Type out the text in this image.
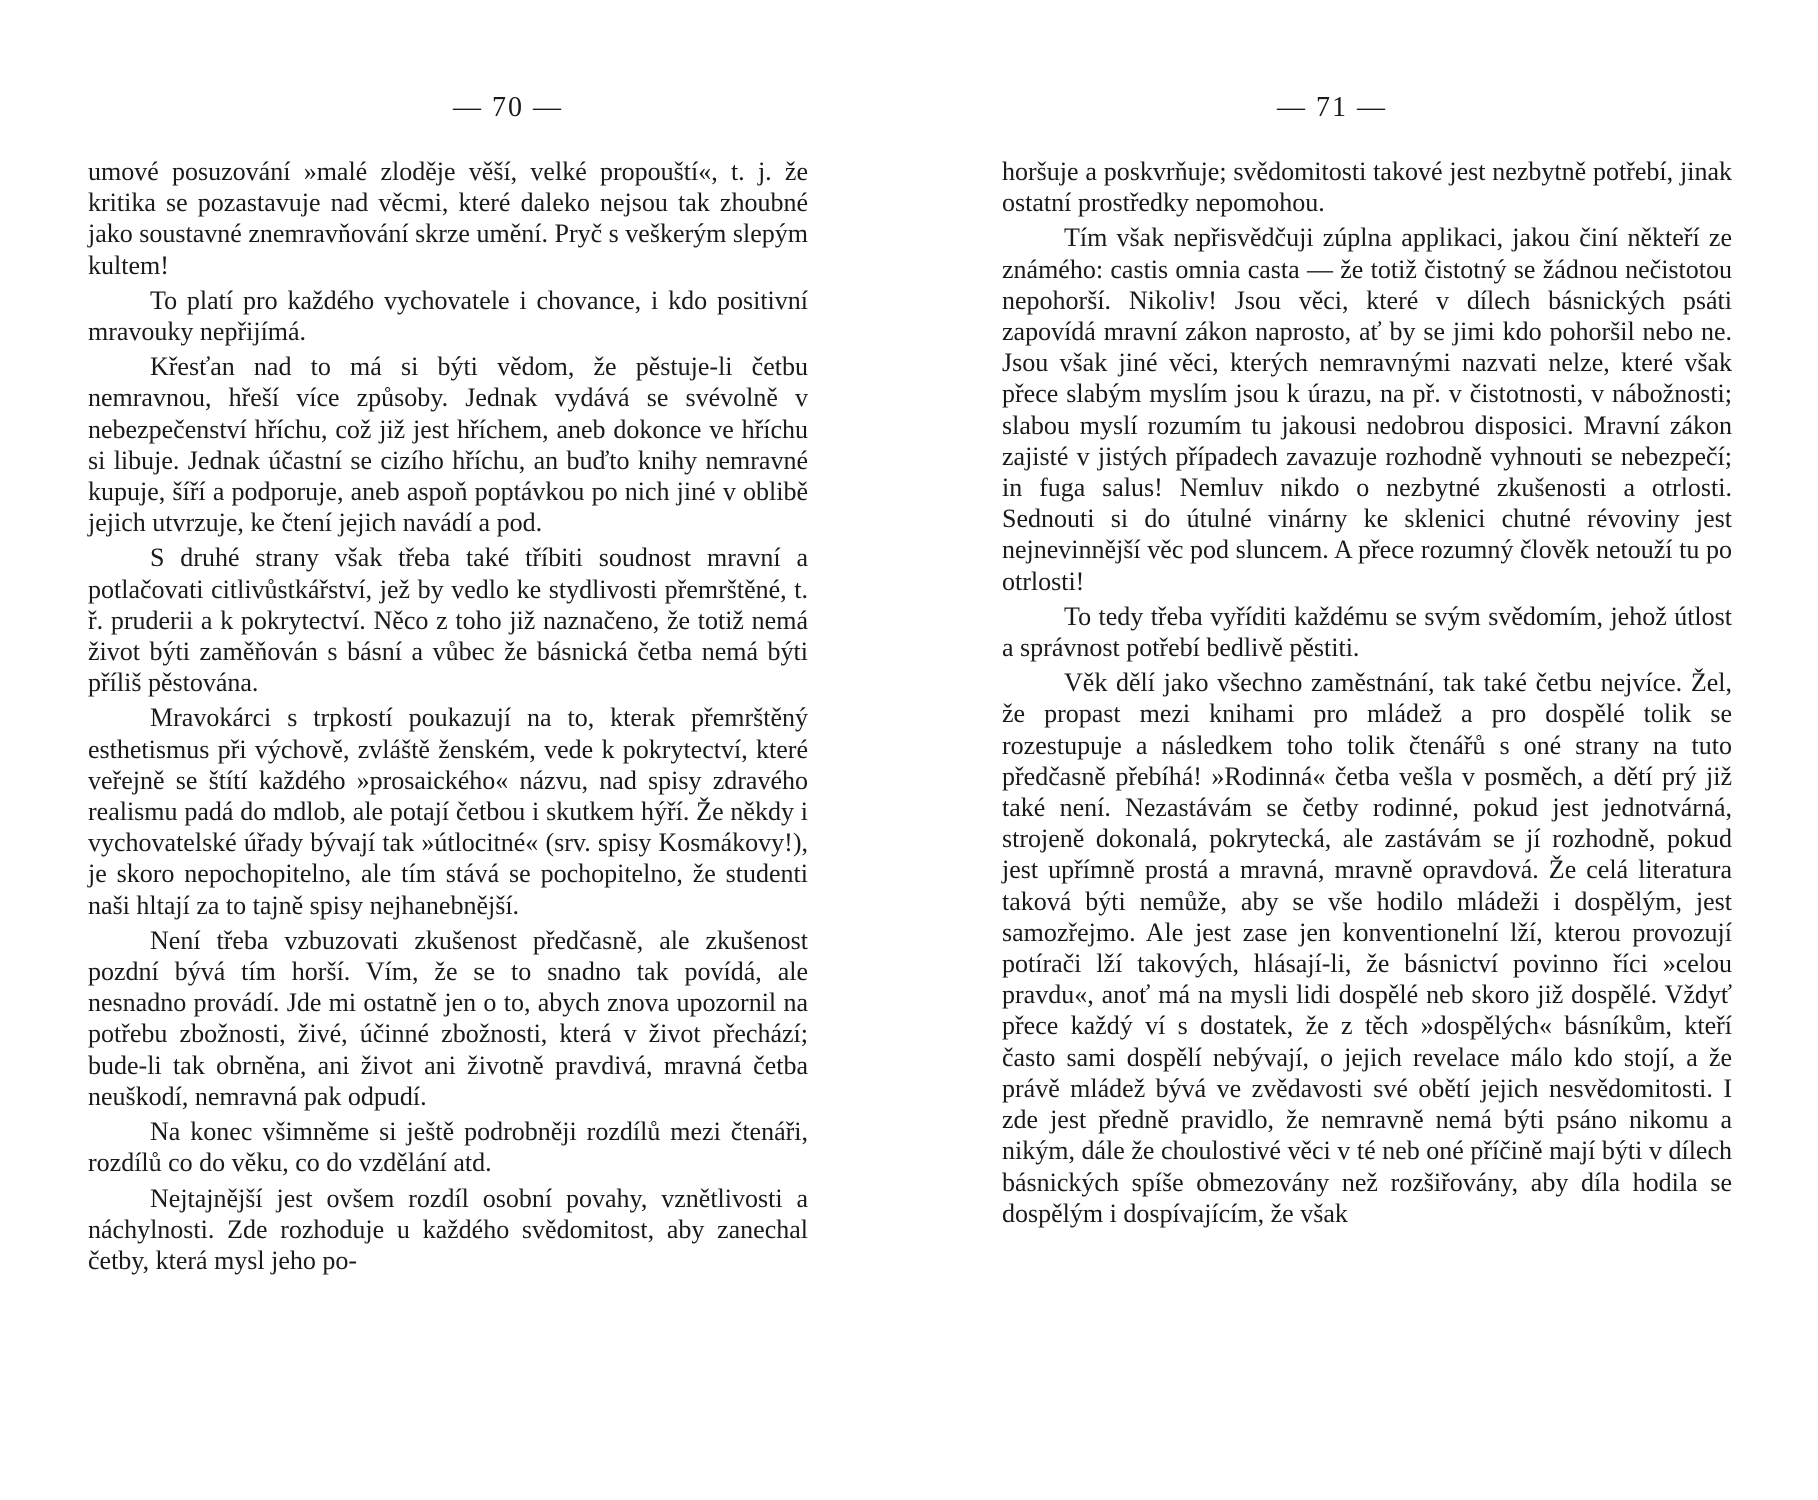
— 70 —

umové posuzování »malé zloděje věší, velké propouští«, t. j. že kritika se pozastavuje nad věcmi, které daleko nejsou tak zhoubné jako soustavné znemravňování skrze umění. Pryč s veškerým slepým kultem!

To platí pro každého vychovatele i chovance, i kdo positivní mravouky nepřijímá.

Křesťan nad to má si býti vědom, že pěstuje-li četbu nemravnou, hřeší více způsoby. Jednak vydává se svévolně v nebezpečenství hříchu, což již jest hříchem, aneb dokonce ve hříchu si libuje. Jednak účastní se cizího hříchu, an buďto knihy nemravné kupuje, šíří a podporuje, aneb aspoň poptávkou po nich jiné v oblibě jejich utvrzuje, ke čtení jejich navádí a pod.

S druhé strany však třeba také tříbiti soudnost mravní a potlačovati citlivůstkářství, jež by vedlo ke stydlivosti přemrštěné, t. ř. pruderii a k pokrytectví. Něco z toho již naznačeno, že totiž nemá život býti zaměňován s básní a vůbec že básnická četba nemá býti příliš pěstována.

Mravokárci s trpkostí poukazují na to, kterak přemrštěný esthetismus při výchově, zvláště ženském, vede k pokrytectví, které veřejně se štítí každého »prosaického« názvu, nad spisy zdravého realismu padá do mdlob, ale potají četbou i skutkem hýří. Že někdy i vychovatelské úřady bývají tak »útlocitné« (srv. spisy Kosmákovy!), je skoro nepochopitelno, ale tím stává se pochopitelno, že studenti naši hltají za to tajně spisy nejhanebnější.

Není třeba vzbuzovati zkušenost předčasně, ale zkušenost pozdní bývá tím horší. Vím, že se to snadno tak povídá, ale nesnadno provádí. Jde mi ostatně jen o to, abych znova upozornil na potřebu zbožnosti, živé, účinné zbožnosti, která v život přechází; bude-li tak obrněna, ani život ani životně pravdivá, mravná četba neuškodí, nemravná pak odpudí.

Na konec všimněme si ještě podrobněji rozdílů mezi čtenáři, rozdílů co do věku, co do vzdělání atd.

Nejtajnější jest ovšem rozdíl osobní povahy, vznětlivosti a náchylnosti. Zde rozhoduje u každého svědomitost, aby zanechal četby, která mysl jeho po-

— 71 —

horšuje a poskvrňuje; svědomitosti takové jest nezbytně potřebí, jinak ostatní prostředky nepomohou.

Tím však nepřisvědčuji zúplna applikaci, jakou činí někteří ze známého: castis omnia casta — že totiž čistotný se žádnou nečistotou nepohorší. Nikoliv! Jsou věci, které v dílech básnických psáti zapovídá mravní zákon naprosto, ať by se jimi kdo pohoršil nebo ne. Jsou však jiné věci, kterých nemravnými nazvati nelze, které však přece slabým myslím jsou k úrazu, na př. v čistotnosti, v nábožnosti; slabou myslí rozumím tu jakousi nedobrou disposici. Mravní zákon zajisté v jistých případech zavazuje rozhodně vyhnouti se nebezpečí; in fuga salus! Nemluv nikdo o nezbytné zkušenosti a otrlosti. Sednouti si do útulné vinárny ke sklenici chutné révoviny jest nejnevinnější věc pod sluncem. A přece rozumný člověk netouží tu po otrlosti!

To tedy třeba vyříditi každému se svým svědomím, jehož útlost a správnost potřebí bedlivě pěstiti.

Věk dělí jako všechno zaměstnání, tak také četbu nejvíce. Žel, že propast mezi knihami pro mládež a pro dospělé tolik se rozestupuje a následkem toho tolik čtenářů s oné strany na tuto předčasně přebíhá! »Rodinná« četba vešla v posměch, a dětí prý již také není. Nezastávám se četby rodinné, pokud jest jednotvárná, strojeně dokonalá, pokrytecká, ale zastávám se jí rozhodně, pokud jest upřímně prostá a mravná, mravně opravdová. Že celá literatura taková býti nemůže, aby se vše hodilo mládeži i dospělým, jest samozřejmo. Ale jest zase jen konventionelní lží, kterou provozují potírači lží takových, hlásají-li, že básnictví povinno říci »celou pravdu«, anoť má na mysli lidi dospělé neb skoro již dospělé. Vždyť přece každý ví s dostatek, že z těch »dospělých« básníkům, kteří často sami dospělí nebývají, o jejich revelace málo kdo stojí, a že právě mládež bývá ve zvědavosti své obětí jejich nesvědomitosti. I zde jest předně pravidlo, že nemravně nemá býti psáno nikomu a nikým, dále že choulostivé věci v té neb oné příčině mají býti v dílech básnických spíše obmezovány než rozšiřovány, aby díla hodila se dospělým i dospívajícím, že však
